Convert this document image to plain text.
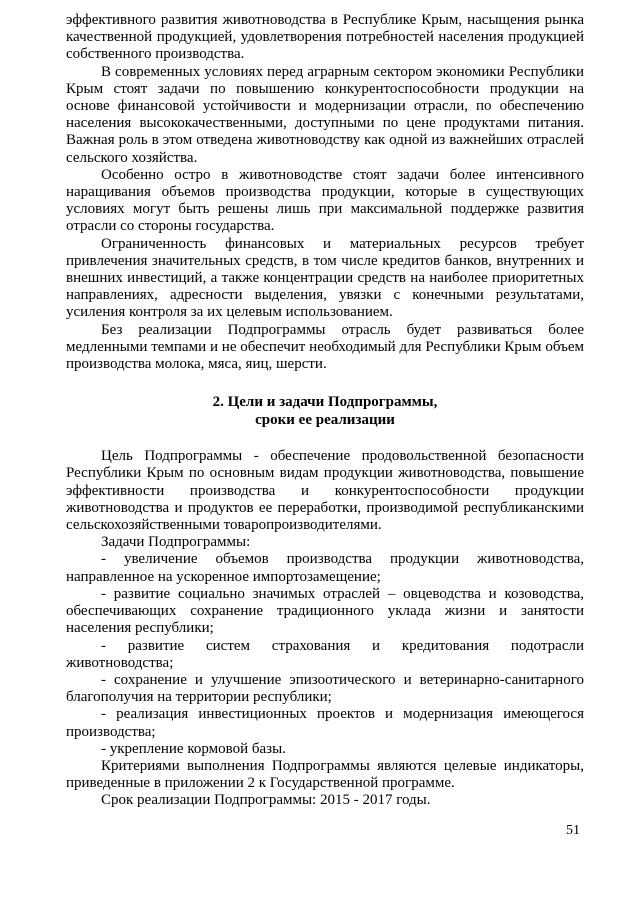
эффективного развития животноводства в Республике Крым, насыщения рынка качественной продукцией, удовлетворения потребностей населения продукцией собственного производства.

В современных условиях перед аграрным сектором экономики Республики Крым стоят задачи по повышению конкурентоспособности продукции на основе финансовой устойчивости и модернизации отрасли, по обеспечению населения высококачественными, доступными по цене продуктами питания. Важная роль в этом отведена животноводству как одной из важнейших отраслей сельского хозяйства.

Особенно остро в животноводстве стоят задачи более интенсивного наращивания объемов производства продукции, которые в существующих условиях могут быть решены лишь при максимальной поддержке развития отрасли со стороны государства.

Ограниченность финансовых и материальных ресурсов требует привлечения значительных средств, в том числе кредитов банков, внутренних и внешних инвестиций, а также концентрации средств на наиболее приоритетных направлениях, адресности выделения, увязки с конечными результатами, усиления контроля за их целевым использованием.

Без реализации Подпрограммы отрасль будет развиваться более медленными темпами и не обеспечит необходимый для Республики Крым объем производства молока, мяса, яиц, шерсти.

2. Цели и задачи Подпрограммы,
сроки ее реализации

Цель Подпрограммы - обеспечение продовольственной безопасности Республики Крым по основным видам продукции животноводства, повышение эффективности производства и конкурентоспособности продукции животноводства и продуктов ее переработки, производимой республиканскими сельскохозяйственными товаропроизводителями.

Задачи Подпрограммы:

- увеличение объемов производства продукции животноводства, направленное на ускоренное импортозамещение;

- развитие социально значимых отраслей – овцеводства и козоводства, обеспечивающих сохранение традиционного уклада жизни и занятости населения республики;

- развитие систем страхования и кредитования подотрасли животноводства;

- сохранение и улучшение эпизоотического и ветеринарно-санитарного благополучия на территории республики;

- реализация инвестиционных проектов и модернизация имеющегося производства;

- укрепление кормовой базы.

Критериями выполнения Подпрограммы являются целевые индикаторы, приведенные в приложении 2 к Государственной программе.

Срок реализации Подпрограммы: 2015 - 2017 годы.

51
